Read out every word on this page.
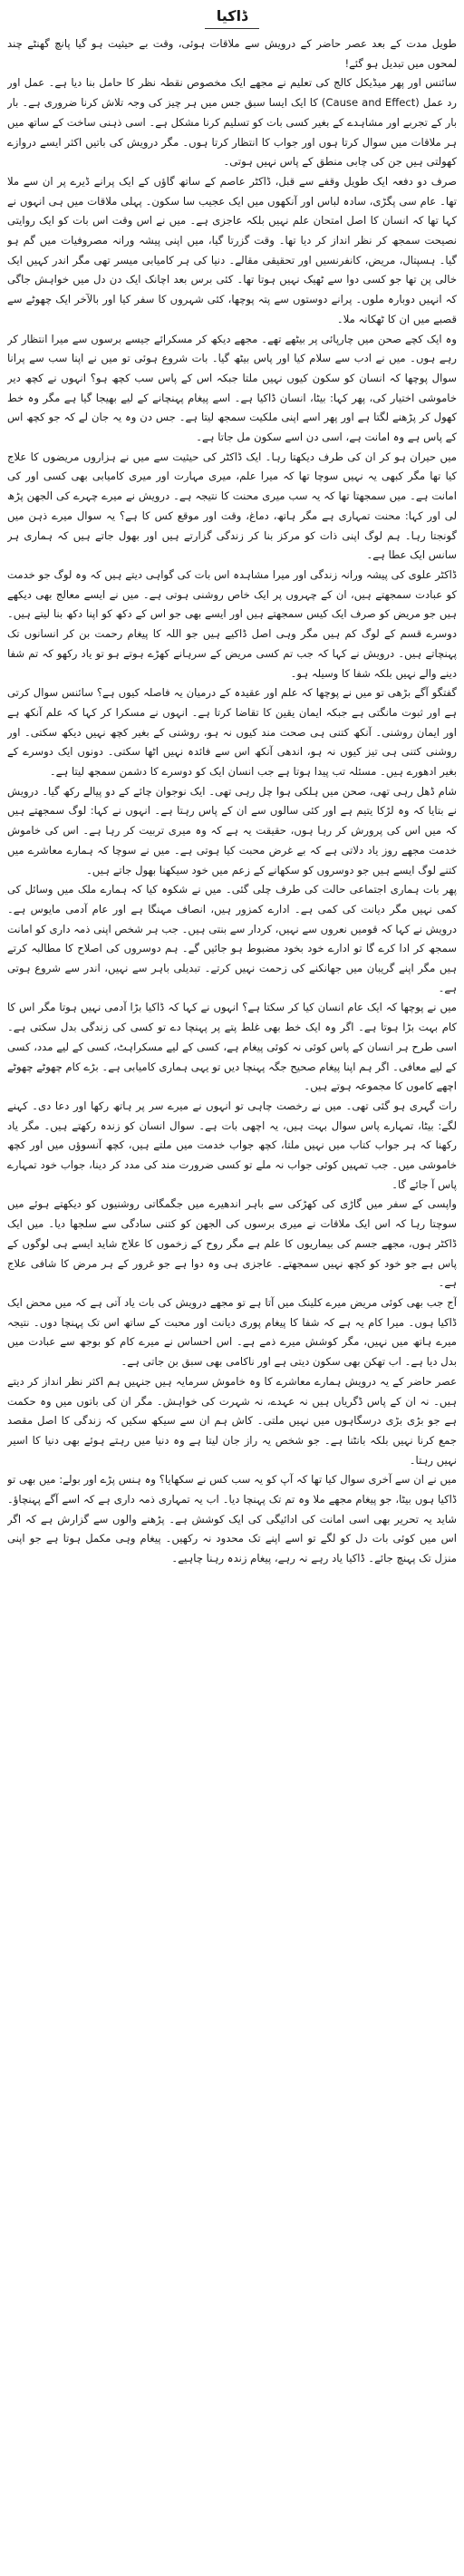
ڈاکیا

طویل مدت کے بعد عصر حاضر کے درویش سے ملاقات ہوئی، وقت بے حیثیت ہو گیا پانچ گھنٹے چند لمحوں میں تبدیل ہو گئے!

سائنس اور پھر میڈیکل کالج کی تعلیم نے مجھے ایک مخصوص نقطہ نظر کا حامل بنا دیا ہے۔ عمل اور رد عمل (Cause and Effect) کا ایک ایسا سبق جس میں ہر چیز کی وجہ تلاش کرنا ضروری ہے۔ بار بار کے تجربے اور مشاہدے کے بغیر کسی بات کو تسلیم کرنا مشکل ہے۔ اسی ذہنی ساخت کے ساتھ میں ہر ملاقات میں سوال کرتا ہوں اور جواب کا انتظار کرتا ہوں۔ مگر درویش کی باتیں اکثر ایسے دروازے کھولتی ہیں جن کی چابی منطق کے پاس نہیں ہوتی۔

صرف دو دفعہ ایک طویل وقفے سے قبل، ڈاکٹر عاصم کے ساتھ گاؤں کے ایک پرانے ڈیرے پر ان سے ملا تھا۔ عام سی پگڑی، سادہ لباس اور آنکھوں میں ایک عجیب سا سکون۔ پہلی ملاقات میں ہی انہوں نے کہا تھا کہ انسان کا اصل امتحان علم نہیں بلکہ عاجزی ہے۔ میں نے اس وقت اس بات کو ایک روایتی نصیحت سمجھ کر نظر انداز کر دیا تھا۔ وقت گزرتا گیا، میں اپنی پیشہ ورانہ مصروفیات میں گم ہو گیا۔ ہسپتال، مریض، کانفرنسیں اور تحقیقی مقالے۔ دنیا کی ہر کامیابی میسر تھی مگر اندر کہیں ایک خالی پن تھا جو کسی دوا سے ٹھیک نہیں ہوتا تھا۔ کئی برس بعد اچانک ایک دن دل میں خواہش جاگی کہ انہیں دوبارہ ملوں۔ پرانے دوستوں سے پتہ پوچھا، کئی شہروں کا سفر کیا اور بالآخر ایک چھوٹے سے قصبے میں ان کا ٹھکانہ ملا۔

وہ ایک کچے صحن میں چارپائی پر بیٹھے تھے۔ مجھے دیکھ کر مسکرائے جیسے برسوں سے میرا انتظار کر رہے ہوں۔ میں نے ادب سے سلام کیا اور پاس بیٹھ گیا۔ بات شروع ہوئی تو میں نے اپنا سب سے پرانا سوال پوچھا کہ انسان کو سکون کیوں نہیں ملتا جبکہ اس کے پاس سب کچھ ہو؟ انہوں نے کچھ دیر خاموشی اختیار کی، پھر کہا: بیٹا، انسان ڈاکیا ہے۔ اسے پیغام پہنچانے کے لیے بھیجا گیا ہے مگر وہ خط کھول کر پڑھنے لگتا ہے اور پھر اسے اپنی ملکیت سمجھ لیتا ہے۔ جس دن وہ یہ جان لے کہ جو کچھ اس کے پاس ہے وہ امانت ہے، اسی دن اسے سکون مل جاتا ہے۔

میں حیران ہو کر ان کی طرف دیکھتا رہا۔ ایک ڈاکٹر کی حیثیت سے میں نے ہزاروں مریضوں کا علاج کیا تھا مگر کبھی یہ نہیں سوچا تھا کہ میرا علم، میری مہارت اور میری کامیابی بھی کسی اور کی امانت ہے۔ میں سمجھتا تھا کہ یہ سب میری محنت کا نتیجہ ہے۔ درویش نے میرے چہرے کی الجھن پڑھ لی اور کہا: محنت تمہاری ہے مگر ہاتھ، دماغ، وقت اور موقع کس کا ہے؟ یہ سوال میرے ذہن میں گونجتا رہا۔ ہم لوگ اپنی ذات کو مرکز بنا کر زندگی گزارتے ہیں اور بھول جاتے ہیں کہ ہماری ہر سانس ایک عطا ہے۔

ڈاکٹر علوی کی پیشہ ورانہ زندگی اور میرا مشاہدہ اس بات کی گواہی دیتے ہیں کہ وہ لوگ جو خدمت کو عبادت سمجھتے ہیں، ان کے چہروں پر ایک خاص روشنی ہوتی ہے۔ میں نے ایسے معالج بھی دیکھے ہیں جو مریض کو صرف ایک کیس سمجھتے ہیں اور ایسے بھی جو اس کے دکھ کو اپنا دکھ بنا لیتے ہیں۔ دوسرے قسم کے لوگ کم ہیں مگر وہی اصل ڈاکیے ہیں جو اللہ کا پیغام رحمت بن کر انسانوں تک پہنچاتے ہیں۔ درویش نے کہا کہ جب تم کسی مریض کے سرہانے کھڑے ہوتے ہو تو یاد رکھو کہ تم شفا دینے والے نہیں بلکہ شفا کا وسیلہ ہو۔

گفتگو آگے بڑھی تو میں نے پوچھا کہ علم اور عقیدہ کے درمیان یہ فاصلہ کیوں ہے؟ سائنس سوال کرتی ہے اور ثبوت مانگتی ہے جبکہ ایمان یقین کا تقاضا کرتا ہے۔ انہوں نے مسکرا کر کہا کہ علم آنکھ ہے اور ایمان روشنی۔ آنکھ کتنی ہی صحت مند کیوں نہ ہو، روشنی کے بغیر کچھ نہیں دیکھ سکتی۔ اور روشنی کتنی ہی تیز کیوں نہ ہو، اندھی آنکھ اس سے فائدہ نہیں اٹھا سکتی۔ دونوں ایک دوسرے کے بغیر ادھورے ہیں۔ مسئلہ تب پیدا ہوتا ہے جب انسان ایک کو دوسرے کا دشمن سمجھ لیتا ہے۔

شام ڈھل رہی تھی، صحن میں ہلکی ہوا چل رہی تھی۔ ایک نوجوان چائے کے دو پیالے رکھ گیا۔ درویش نے بتایا کہ وہ لڑکا یتیم ہے اور کئی سالوں سے ان کے پاس رہتا ہے۔ انہوں نے کہا: لوگ سمجھتے ہیں کہ میں اس کی پرورش کر رہا ہوں، حقیقت یہ ہے کہ وہ میری تربیت کر رہا ہے۔ اس کی خاموش خدمت مجھے روز یاد دلاتی ہے کہ بے غرض محبت کیا ہوتی ہے۔ میں نے سوچا کہ ہمارے معاشرے میں کتنے لوگ ایسے ہیں جو دوسروں کو سکھانے کے زعم میں خود سیکھنا بھول جاتے ہیں۔

پھر بات ہماری اجتماعی حالت کی طرف چلی گئی۔ میں نے شکوہ کیا کہ ہمارے ملک میں وسائل کی کمی نہیں مگر دیانت کی کمی ہے۔ ادارے کمزور ہیں، انصاف مہنگا ہے اور عام آدمی مایوس ہے۔ درویش نے کہا کہ قومیں نعروں سے نہیں، کردار سے بنتی ہیں۔ جب ہر شخص اپنی ذمہ داری کو امانت سمجھ کر ادا کرے گا تو ادارے خود بخود مضبوط ہو جائیں گے۔ ہم دوسروں کی اصلاح کا مطالبہ کرتے ہیں مگر اپنے گریبان میں جھانکنے کی زحمت نہیں کرتے۔ تبدیلی باہر سے نہیں، اندر سے شروع ہوتی ہے۔

میں نے پوچھا کہ ایک عام انسان کیا کر سکتا ہے؟ انہوں نے کہا کہ ڈاکیا بڑا آدمی نہیں ہوتا مگر اس کا کام بہت بڑا ہوتا ہے۔ اگر وہ ایک خط بھی غلط پتے پر پہنچا دے تو کسی کی زندگی بدل سکتی ہے۔ اسی طرح ہر انسان کے پاس کوئی نہ کوئی پیغام ہے، کسی کے لیے مسکراہٹ، کسی کے لیے مدد، کسی کے لیے معافی۔ اگر ہم اپنا پیغام صحیح جگہ پہنچا دیں تو یہی ہماری کامیابی ہے۔ بڑے کام چھوٹے چھوٹے اچھے کاموں کا مجموعہ ہوتے ہیں۔

رات گہری ہو گئی تھی۔ میں نے رخصت چاہی تو انہوں نے میرے سر پر ہاتھ رکھا اور دعا دی۔ کہنے لگے: بیٹا، تمہارے پاس سوال بہت ہیں، یہ اچھی بات ہے۔ سوال انسان کو زندہ رکھتے ہیں۔ مگر یاد رکھنا کہ ہر جواب کتاب میں نہیں ملتا، کچھ جواب خدمت میں ملتے ہیں، کچھ آنسوؤں میں اور کچھ خاموشی میں۔ جب تمہیں کوئی جواب نہ ملے تو کسی ضرورت مند کی مدد کر دینا، جواب خود تمہارے پاس آ جائے گا۔

واپسی کے سفر میں گاڑی کی کھڑکی سے باہر اندھیرے میں جگمگاتی روشنیوں کو دیکھتے ہوئے میں سوچتا رہا کہ اس ایک ملاقات نے میری برسوں کی الجھن کو کتنی سادگی سے سلجھا دیا۔ میں ایک ڈاکٹر ہوں، مجھے جسم کی بیماریوں کا علم ہے مگر روح کے زخموں کا علاج شاید ایسے ہی لوگوں کے پاس ہے جو خود کو کچھ نہیں سمجھتے۔ عاجزی ہی وہ دوا ہے جو غرور کے ہر مرض کا شافی علاج ہے۔

آج جب بھی کوئی مریض میرے کلینک میں آتا ہے تو مجھے درویش کی بات یاد آتی ہے کہ میں محض ایک ڈاکیا ہوں۔ میرا کام یہ ہے کہ شفا کا پیغام پوری دیانت اور محبت کے ساتھ اس تک پہنچا دوں۔ نتیجہ میرے ہاتھ میں نہیں، مگر کوشش میرے ذمے ہے۔ اس احساس نے میرے کام کو بوجھ سے عبادت میں بدل دیا ہے۔ اب تھکن بھی سکون دیتی ہے اور ناکامی بھی سبق بن جاتی ہے۔

عصر حاضر کے یہ درویش ہمارے معاشرے کا وہ خاموش سرمایہ ہیں جنہیں ہم اکثر نظر انداز کر دیتے ہیں۔ نہ ان کے پاس ڈگریاں ہیں نہ عہدے، نہ شہرت کی خواہش۔ مگر ان کی باتوں میں وہ حکمت ہے جو بڑی بڑی درسگاہوں میں نہیں ملتی۔ کاش ہم ان سے سیکھ سکیں کہ زندگی کا اصل مقصد جمع کرنا نہیں بلکہ بانٹنا ہے۔ جو شخص یہ راز جان لیتا ہے وہ دنیا میں رہتے ہوئے بھی دنیا کا اسیر نہیں رہتا۔

میں نے ان سے آخری سوال کیا تھا کہ آپ کو یہ سب کس نے سکھایا؟ وہ ہنس پڑے اور بولے: میں بھی تو ڈاکیا ہوں بیٹا، جو پیغام مجھے ملا وہ تم تک پہنچا دیا۔ اب یہ تمہاری ذمہ داری ہے کہ اسے آگے پہنچاؤ۔ شاید یہ تحریر بھی اسی امانت کی ادائیگی کی ایک کوشش ہے۔ پڑھنے والوں سے گزارش ہے کہ اگر اس میں کوئی بات دل کو لگے تو اسے اپنے تک محدود نہ رکھیں۔ پیغام وہی مکمل ہوتا ہے جو اپنی منزل تک پہنچ جائے۔ ڈاکیا یاد رہے نہ رہے، پیغام زندہ رہنا چاہیے۔
